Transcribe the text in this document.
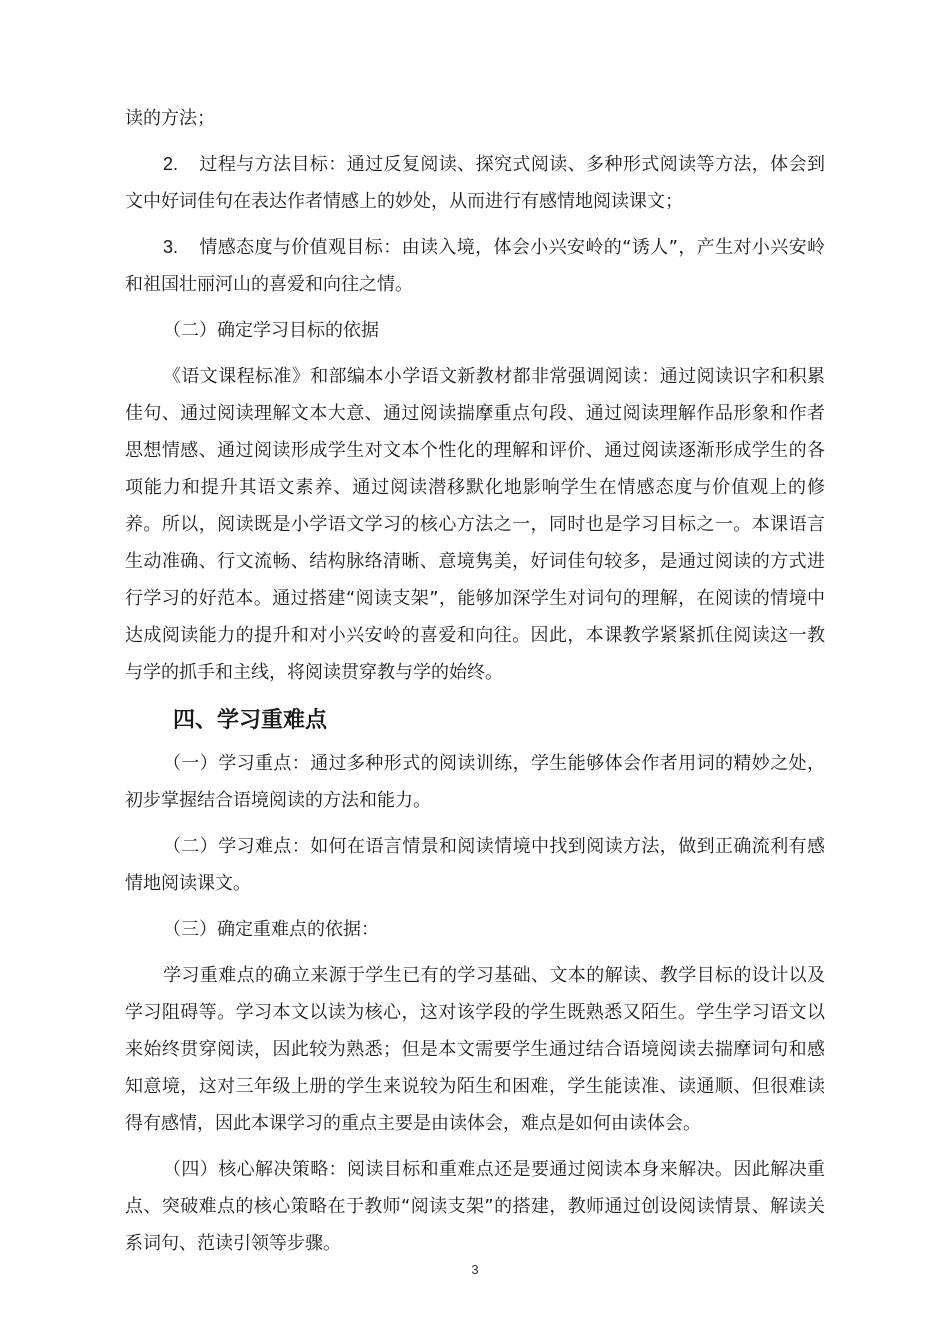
读的方法；

2. 过程与方法目标：通过反复阅读、探究式阅读、多种形式阅读等方法，体会到文中好词佳句在表达作者情感上的妙处，从而进行有感情地阅读课文；

3. 情感态度与价值观目标：由读入境，体会小兴安岭的“诱人”，产生对小兴安岭和祖国壮丽河山的喜爱和向往之情。

（二）确定学习目标的依据

《语文课程标准》和部编本小学语文新教材都非常强调阅读：通过阅读识字和积累佳句、通过阅读理解文本大意、通过阅读揣摩重点句段、通过阅读理解作品形象和作者思想情感、通过阅读形成学生对文本个性化的理解和评价、通过阅读逐渐形成学生的各项能力和提升其语文素养、通过阅读潜移默化地影响学生在情感态度与价值观上的修养。所以，阅读既是小学语文学习的核心方法之一，同时也是学习目标之一。本课语言生动准确、行文流畅、结构脉络清晰、意境隽美，好词佳句较多，是通过阅读的方式进行学习的好范本。通过搭建“阅读支架”，能够加深学生对词句的理解，在阅读的情境中达成阅读能力的提升和对小兴安岭的喜爱和向往。因此，本课教学紧紧抓住阅读这一教与学的抓手和主线，将阅读贯穿教与学的始终。

四、学习重难点

（一）学习重点：通过多种形式的阅读训练，学生能够体会作者用词的精妙之处，初步掌握结合语境阅读的方法和能力。

（二）学习难点：如何在语言情景和阅读情境中找到阅读方法，做到正确流利有感情地阅读课文。

（三）确定重难点的依据：

学习重难点的确立来源于学生已有的学习基础、文本的解读、教学目标的设计以及学习阻碍等。学习本文以读为核心，这对该学段的学生既熟悉又陌生。学生学习语文以来始终贯穿阅读，因此较为熟悉；但是本文需要学生通过结合语境阅读去揣摩词句和感知意境，这对三年级上册的学生来说较为陌生和困难，学生能读准、读通顺、但很难读得有感情，因此本课学习的重点主要是由读体会，难点是如何由读体会。

（四）核心解决策略：阅读目标和重难点还是要通过阅读本身来解决。因此解决重点、突破难点的核心策略在于教师“阅读支架”的搭建，教师通过创设阅读情景、解读关系词句、范读引领等步骤。

3
